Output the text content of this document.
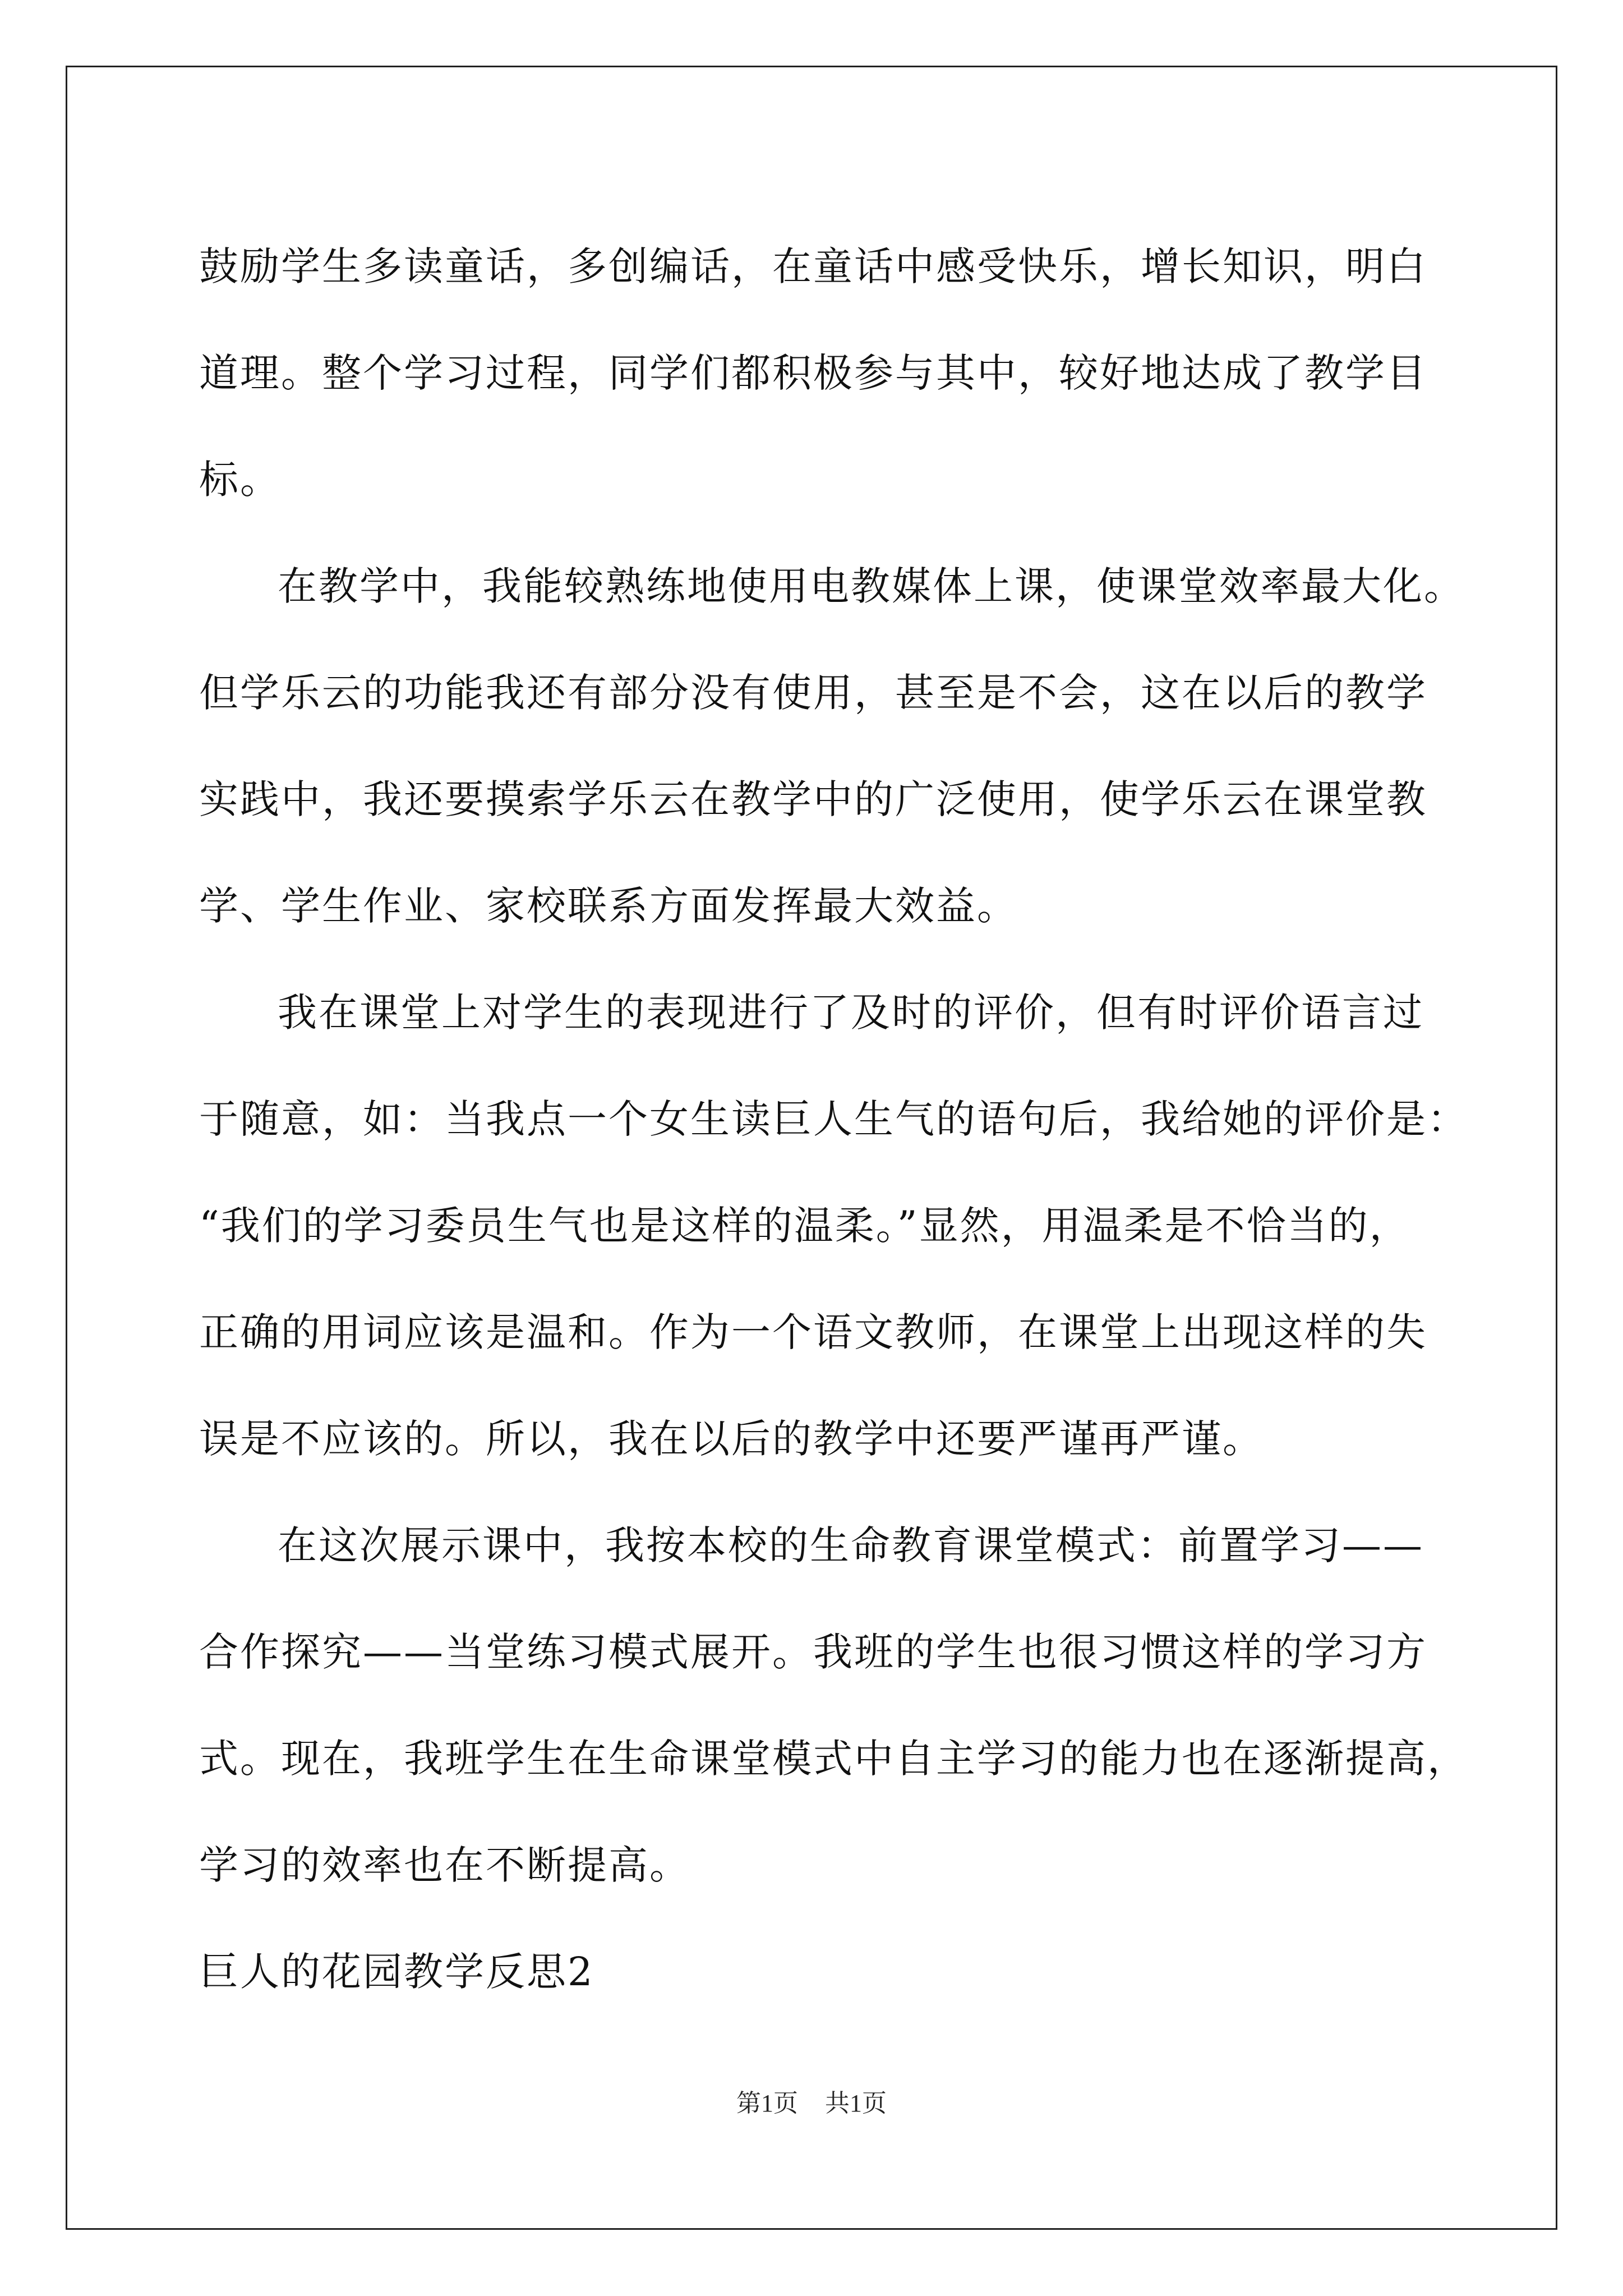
鼓励学生多读童话，多创编话，在童话中感受快乐，增长知识，明白
道理。整个学习过程，同学们都积极参与其中，较好地达成了教学目
标。
在教学中，我能较熟练地使用电教媒体上课，使课堂效率最大化。
但学乐云的功能我还有部分没有使用，甚至是不会，这在以后的教学
实践中，我还要摸索学乐云在教学中的广泛使用，使学乐云在课堂教
学、学生作业、家校联系方面发挥最大效益。
我在课堂上对学生的表现进行了及时的评价，但有时评价语言过
于随意，如：当我点一个女生读巨人生气的语句后，我给她的评价是：
“我们的学习委员生气也是这样的温柔。”显然，用温柔是不恰当的，
正确的用词应该是温和。作为一个语文教师，在课堂上出现这样的失
误是不应该的。所以，我在以后的教学中还要严谨再严谨。
在这次展示课中，我按本校的生命教育课堂模式：前置学习——
合作探究——当堂练习模式展开。我班的学生也很习惯这样的学习方
式。现在，我班学生在生命课堂模式中自主学习的能力也在逐渐提高，
学习的效率也在不断提高。
巨人的花园教学反思2
第1页 共1页
